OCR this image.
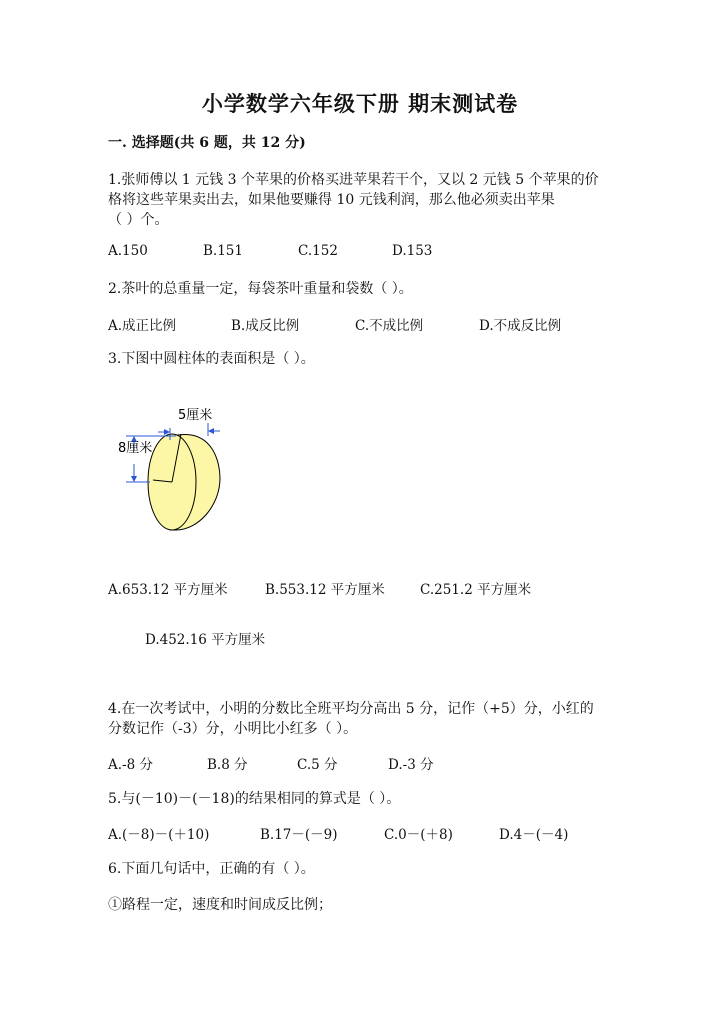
小学数学六年级下册 期末测试卷
一. 选择题(共 6 题，共 12 分)
1.张师傅以 1 元钱 3 个苹果的价格买进苹果若干个，又以 2 元钱 5 个苹果的价
格将这些苹果卖出去，如果他要赚得 10 元钱利润，那么他必须卖出苹果
（ ）个。
A.150	B.151	C.152	D.153
2.茶叶的总重量一定，每袋茶叶重量和袋数（ ）。
A.成正比例	B.成反比例	C.不成比例	D.不成反比例
3.下图中圆柱体的表面积是（ ）。
5厘米
8厘米
A.653.12 平方厘米	B.553.12 平方厘米	C.251.2 平方厘米
D.452.16 平方厘米
4.在一次考试中，小明的分数比全班平均分高出 5 分，记作（+5）分，小红的
分数记作（-3）分，小明比小红多（ ）。
A.-8 分	B.8 分	C.5 分	D.-3 分
5.与(－10)－(－18)的结果相同的算式是（ ）。
A.(－8)－(＋10)	B.17－(－9)	C.0－(＋8)	D.4－(－4)
6.下面几句话中，正确的有（ ）。
①路程一定，速度和时间成反比例；
